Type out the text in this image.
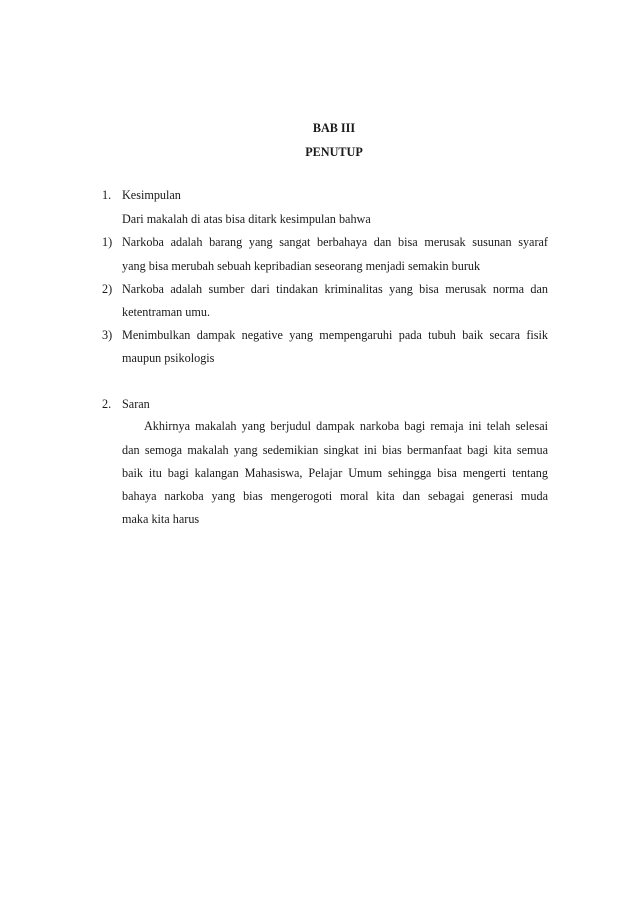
BAB III
PENUTUP
1. Kesimpulan
Dari makalah di atas bisa ditark kesimpulan bahwa
1) Narkoba adalah barang yang sangat berbahaya dan bisa merusak susunan syaraf
yang bisa merubah sebuah kepribadian seseorang menjadi semakin buruk
2) Narkoba adalah sumber dari tindakan kriminalitas yang bisa merusak norma dan
ketentraman umu.
3) Menimbulkan dampak negative yang mempengaruhi pada tubuh baik secara fisik
maupun psikologis
2. Saran
Akhirnya makalah yang berjudul dampak narkoba bagi remaja ini telah selesai
dan semoga makalah yang sedemikian singkat ini bias bermanfaat bagi kita semua
baik itu bagi kalangan Mahasiswa, Pelajar Umum sehingga bisa mengerti tentang
bahaya narkoba yang bias mengerogoti moral kita dan sebagai generasi muda
maka kita harus
